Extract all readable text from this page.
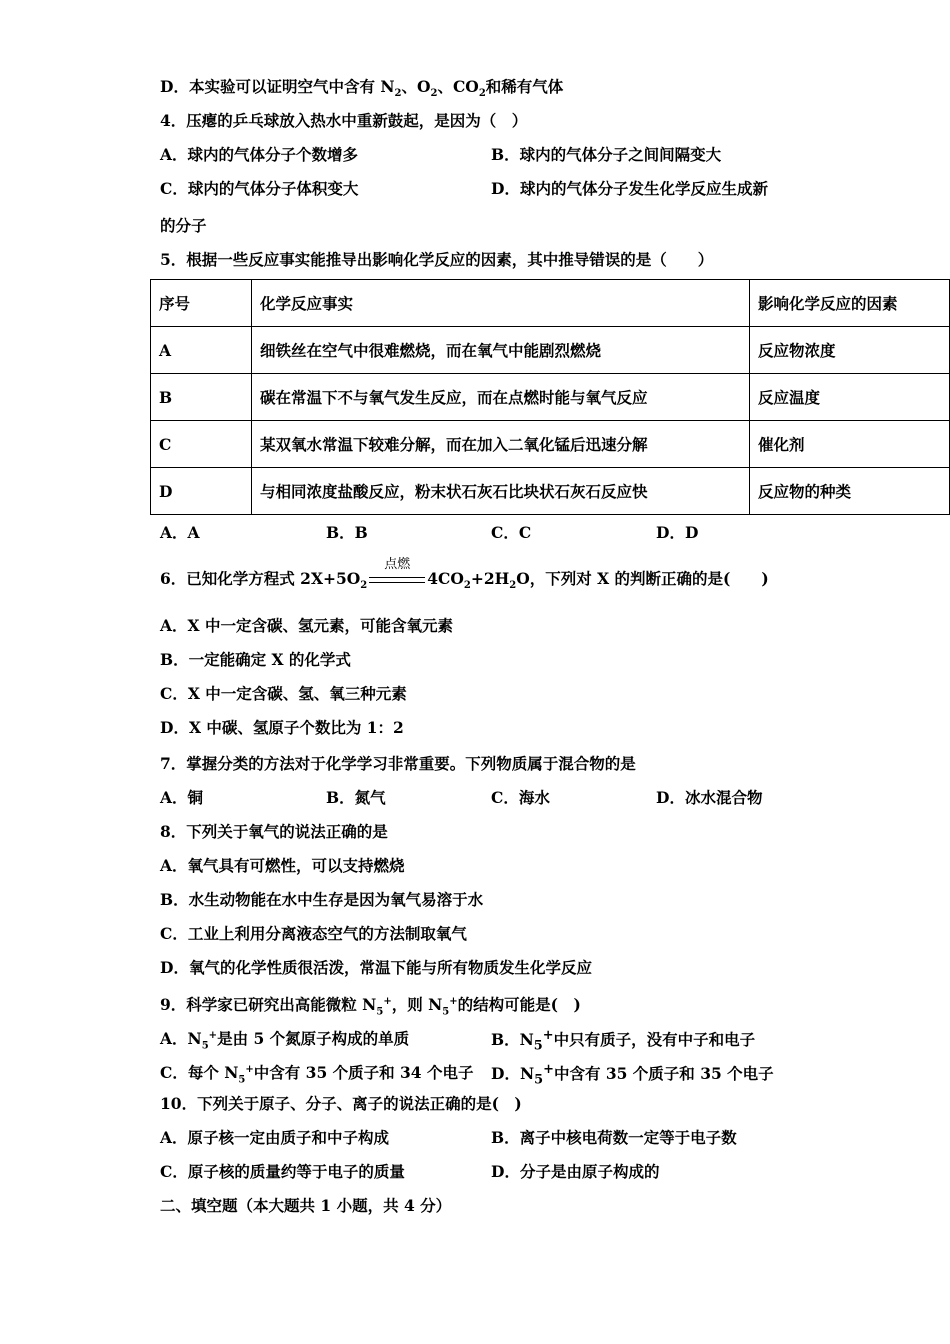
D．本实验可以证明空气中含有 $N_2$、$O_2$、$CO_2$和稀有气体
4．压瘪的乒乓球放入热水中重新鼓起，是因为（　）
A．球内的气体分子个数增多	B．球内的气体分子之间间隔变大
C．球内的气体分子体积变大	D．球内的气体分子发生化学反应生成新
的分子
5．根据一些反应事实能推导出影响化学反应的因素，其中推导错误的是（　　）
序号	化学反应事实	影响化学反应的因素
A	细铁丝在空气中很难燃烧，而在氧气中能剧烈燃烧	反应物浓度
B	碳在常温下不与氧气发生反应，而在点燃时能与氧气反应	反应温度
C	某双氧水常温下较难分解，而在加入二氧化锰后迅速分解	催化剂
D	与相同浓度盐酸反应，粉末状石灰石比块状石灰石反应快	反应物的种类
A．A	B．B	C．C	D．D
6．已知化学方程式 $2X+5O_2$
点燃
$4CO_2+2H_2O$，下列对 X 的判断正确的是(　　)
A．X 中一定含碳、氢元素，可能含氧元素
B．一定能确定 X 的化学式
C．X 中一定含碳、氢、氧三种元素
D．X 中碳、氢原子个数比为 1：2
7．掌握分类的方法对于化学学习非常重要。下列物质属于混合物的是
A．铜	B．氮气	C．海水	D．冰水混合物
8．下列关于氧气的说法正确的是
A．氧气具有可燃性，可以支持燃烧
B．水生动物能在水中生存是因为氧气易溶于水
C．工业上利用分离液态空气的方法制取氧气
D．氧气的化学性质很活泼，常温下能与所有物质发生化学反应
9．科学家已研究出高能微粒 $N_5^+$，则 $N_5^+$的结构可能是(　)
A．$N_5^+$是由 5 个氮原子构成的单质	B．$N_5^+$中只有质子，没有中子和电子
C．每个 $N_5^+$中含有 35 个质子和 34 个电子 D．$N_5^+$中含有 35 个质子和 35 个电子
10．下列关于原子、分子、离子的说法正确的是(　)
A．原子核一定由质子和中子构成	B．离子中核电荷数一定等于电子数
C．原子核的质量约等于电子的质量	D．分子是由原子构成的
二、填空题（本大题共 1 小题，共 4 分）
